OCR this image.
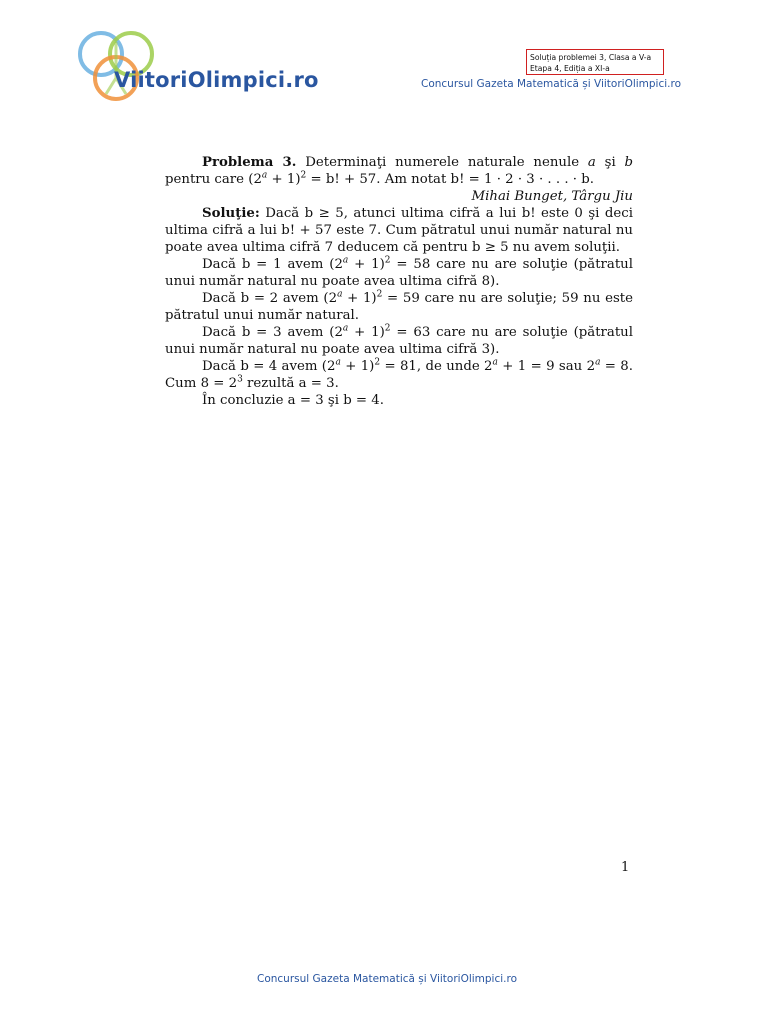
ViitoriOlimpici.ro
Soluția problemei 3, Clasa a V-a
Etapa 4, Ediția a XI-a
Concursul Gazeta Matematică și ViitoriOlimpici.ro

Problema 3. Determinaţi numerele naturale nenule a şi b pentru care $(2^a + 1)^2 = b$! + 57. Am notat b! = 1 · 2 · 3 · . . . · b.

Mihai Bunget, Târgu Jiu

Soluţie: Dacă b ≥ 5, atunci ultima cifră a lui b! este 0 şi deci ultima cifră a lui b! + 57 este 7. Cum pătratul unui număr natural nu poate avea ultima cifră 7 deducem că pentru b ≥ 5 nu avem soluţii.

Dacă b = 1 avem $(2^a + 1)^2 = 58$ care nu are soluţie (pătratul unui număr natural nu poate avea ultima cifră 8).

Dacă b = 2 avem $(2^a + 1)^2 = 59$ care nu are soluţie; 59 nu este pătratul unui număr natural.

Dacă b = 3 avem $(2^a + 1)^2 = 63$ care nu are soluţie (pătratul unui număr natural nu poate avea ultima cifră 3).

Dacă b = 4 avem $(2^a + 1)^2 = 81$, de unde $2^a + 1 = 9$ sau $2^a = 8$. Cum $8 = 2^3$ rezultă a = 3.

În concluzie a = 3 şi b = 4.

1
Concursul Gazeta Matematică și ViitoriOlimpici.ro
